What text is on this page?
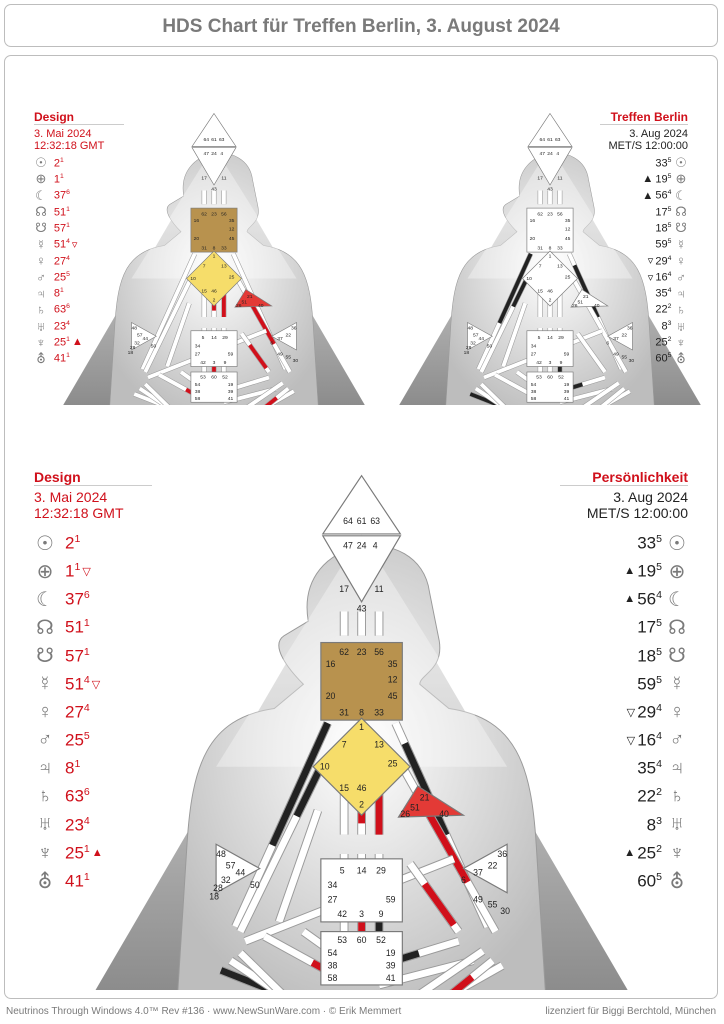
HDS Chart für Treffen Berlin, 3. August 2024
64 61 63
47 24 4
17 11
43
62 23 56
16	35
12
20	45
31 8 33
1
7 13
10
15 46
2
25
21
51
26 40
48
57
44
50
32
28
18
5 14 29
34
27	59
42 3 9
36
22
37
6
49
55
30
53 60 52
54	19
38	39
58	41
64 61 63
47 24 4
17 11
43
62 23 56
16	35
12
20	45
31 8 33
1
7 13
10
15 46
2
25
21
51
26 40
48
57
44
50
32
28
18
5 14 29
34
27	59
42 3 9
36
22
37
6
49
55
30
53 60 52
54	19
38	39
58	41
64 61 63
47 24 4
17	11
43
62 23 56
16	35
12
20	45
31 8 33
1
7	13
10
15 46
2
25
21
51
26	40
48
57
44
50
32
28
18
5 14 29
34
27	59
42 3 9
36
22
37
6
49 55
30
53 60 52
54	19
38	39
58	41
Design
3. Mai 2024
12:32:18 GMT
☉ $2^1$
⊕ $1^1$
☾ $37^6$
☊ $51^1$
☋ $57^1$
☿ $51^4$ ▿
♀ $27^4$
♂ $25^5$
♃ $8^1$
♄ $63^6$
♅ $23^4$
♆ $25^1$ ▲
⛢ $41^1$
Treffen Berlin
3. Aug 2024
MET/S 12:00:00
$33^5$ ☉
▲ $19^5$ ⊕
▲ $56^4$ ☾
$17^5$ ☊
$18^5$ ☋
$59^5$ ☿
▿ $29^4$ ♀
▿ $16^4$ ♂
$35^4$ ♃
$22^2$ ♄
$8^3$ ♅
$25^2$ ♆
$60^5$ ⛢
Design
3. Mai 2024
12:32:18 GMT
☉ $2^1$
⊕ $1^1$ ▽
☾ $37^6$
☊ $51^1$
☋ $57^1$
☿ $51^4$ ▽
♀ $27^4$
♂ $25^5$
♃ $8^1$
♄ $63^6$
♅ $23^4$
♆ $25^1$ ▲
⛢ $41^1$
Persönlichkeit
3. Aug 2024
MET/S 12:00:00
$33^5$ ☉
▲ $19^5$ ⊕
▲ $56^4$ ☾
$17^5$ ☊
$18^5$ ☋
$59^5$ ☿
▽ $29^4$ ♀
▽ $16^4$ ♂
$35^4$ ♃
$22^2$ ♄
$8^3$ ♅
▲ $25^2$ ♆
$60^5$ ⛢
Neutrinos Through Windows 4.0™ Rev #136 · www.NewSunWare.com · © Erik Memmert	lizenziert für Biggi Berchtold, München
